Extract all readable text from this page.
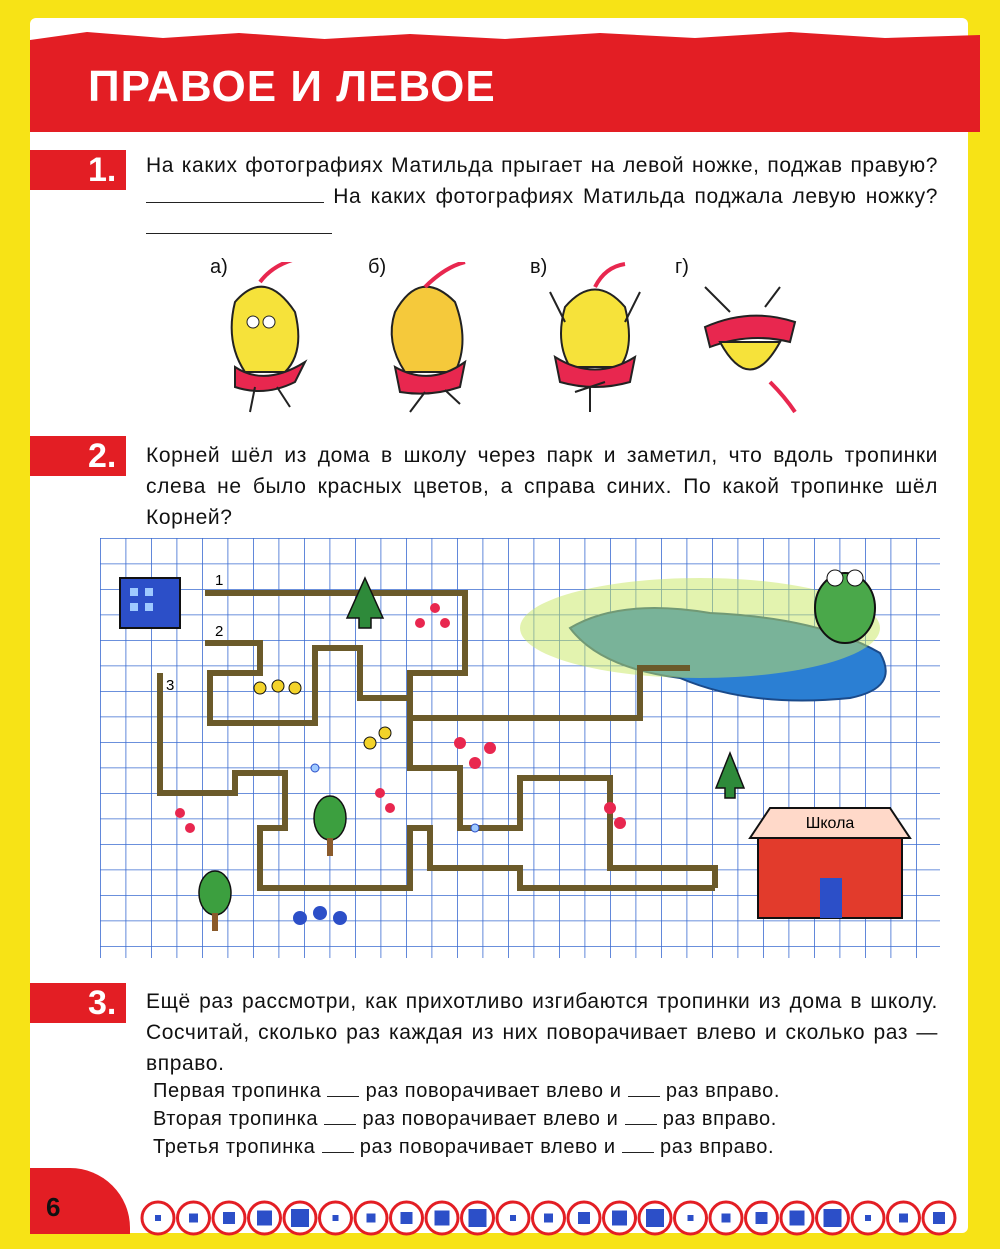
ПРАВОЕ И ЛЕВОЕ
1.	На каких фотографиях Матильда прыгает на левой ножке, поджав правую?  На каких фотографиях Матильда поджала левую ножку?
а)	б)	в)	г)
2.	Корней шёл из дома в школу через парк и заметил, что вдоль тропинки слева не было красных цветов, а справа синих. По какой тропинке шёл Корней?
Школа
1
2
3
3.	Ещё раз рассмотри, как прихотливо изгибаются тропинки из дома в школу. Сосчитай, сколько раз каждая из них поворачивает влево и сколько раз — вправо.
Первая тропинка раз поворачивает влево и раз вправо.
Вторая тропинка раз поворачивает влево и раз вправо.
Третья тропинка раз поворачивает влево и раз вправо.
6
